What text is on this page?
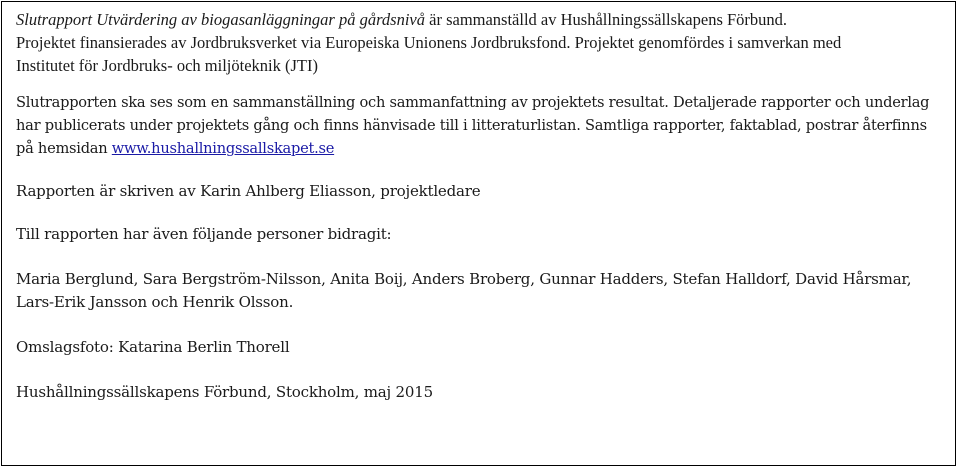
Slutrapport Utvärdering av biogasanläggningar på gårdsnivå är sammanställd av Hushållningssällskapens Förbund.
Projektet finansierades av Jordbruksverket via Europeiska Unionens Jordbruksfond. Projektet genomfördes i samverkan med
Institutet för Jordbruks- och miljöteknik (JTI)

Slutrapporten ska ses som en sammanställning och sammanfattning av projektets resultat. Detaljerade rapporter och underlag har publicerats under projektets gång och finns hänvisade till i litteraturlistan. Samtliga rapporter, faktablad, postrar återfinns på hemsidan www.hushallningssallskapet.se

Rapporten är skriven av Karin Ahlberg Eliasson, projektledare

Till rapporten har även följande personer bidragit:

Maria Berglund, Sara Bergström-Nilsson, Anita Boij, Anders Broberg, Gunnar Hadders, Stefan Halldorf, David Hårsmar, Lars-Erik Jansson och Henrik Olsson.

Omslagsfoto: Katarina Berlin Thorell

Hushållningssällskapens Förbund, Stockholm, maj 2015
